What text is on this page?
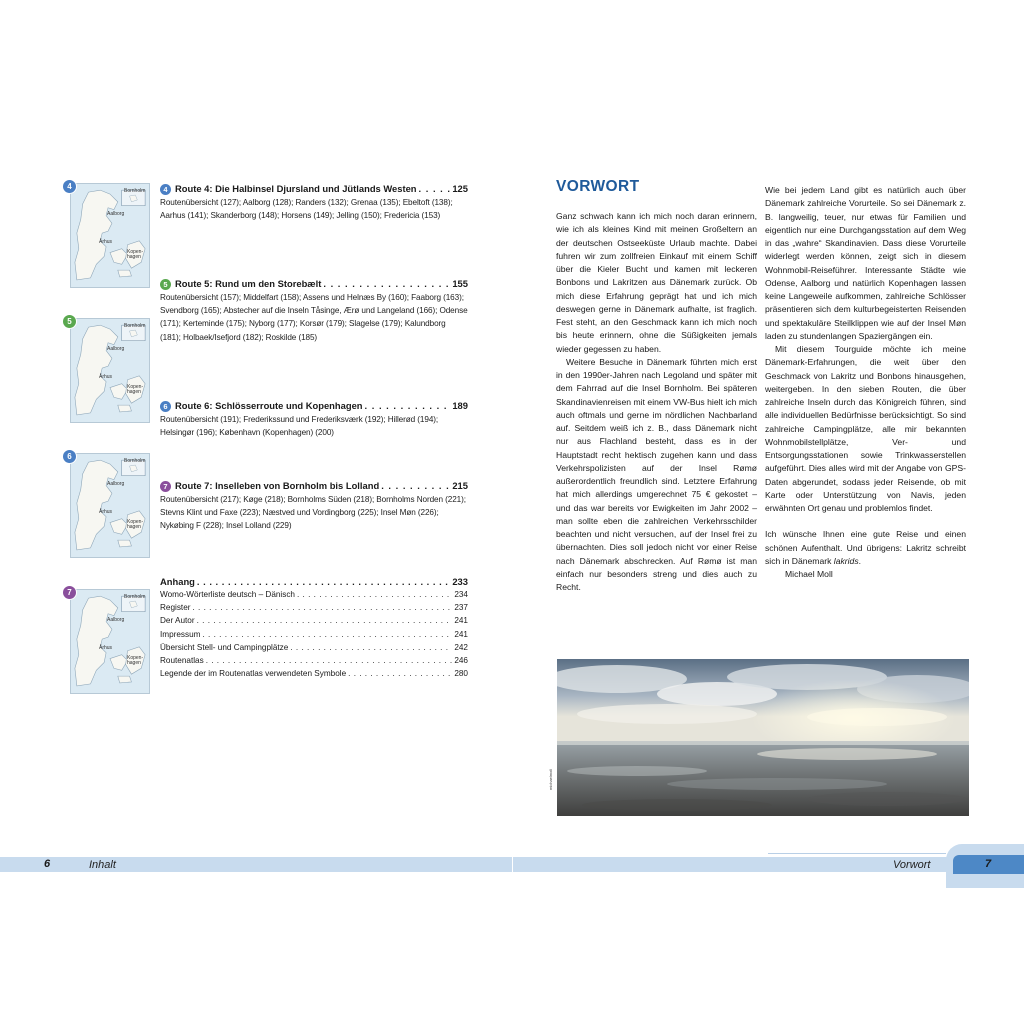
Bornholm
Aalborg
Århus
Kopen-hagen
4
Bornholm
Aalborg
Århus
Kopen-hagen
5
Bornholm
Aalborg
Århus
Kopen-hagen
6
Bornholm
Aalborg
Århus
Kopen-hagen
7
4 Route 4: Die Halbinsel Djursland und Jütlands Westen . . .	125
Routenübersicht (127); Aalborg (128); Randers (132); Grenaa (135); Ebeltoft (138); Aarhus (141); Skanderborg (148); Horsens (149); Jelling (150); Fredericia (153)
5 Route 5: Rund um den Storebælt . . .	155
Routenübersicht (157); Middelfart (158); Assens und Helnæs By (160); Faaborg (163); Svendborg (165); Abstecher auf die Inseln Tåsinge, Ærø und Langeland (166); Odense (171); Kerteminde (175); Nyborg (177); Korsør (179); Slagelse (179); Kalundborg (181); Holbaek/Isefjord (182); Roskilde (185)
6 Route 6: Schlösserroute und Kopenhagen . . .	189
Routenübersicht (191); Frederikssund und Frederiksværk (192); Hillerød (194); Helsingør (196); København (Kopenhagen) (200)
7 Route 7: Inselleben von Bornholm bis Lolland . . .	215
Routenübersicht (217); Køge (218); Bornholms Süden (218); Bornholms Norden (221); Stevns Klint und Faxe (223); Næstved und Vordingborg (225); Insel Møn (226); Nykøbing F (228); Insel Lolland (229)
Anhang . . .	233
Womo-Wörterliste deutsch – Dänisch . . .	234
Register . . .	237
Der Autor . . .	241
Impressum . . .	241
Übersicht Stell- und Campingplätze . . .	242
Routenatlas . . .	246
Legende der im Routenatlas verwendeten Symbole . . .	280
VORWORT

Ganz schwach kann ich mich noch daran erinnern, wie ich als kleines Kind mit meinen Großeltern an der deutschen Ostseeküste Urlaub machte. Dabei fuhren wir zum zollfreien Einkauf mit einem Schiff über die Kieler Bucht und kamen mit leckeren Bonbons und Lakritzen aus Dänemark zurück. Ob mich diese Erfahrung geprägt hat und ich mich deswegen gerne in Dänemark aufhalte, ist fraglich. Fest steht, an den Geschmack kann ich mich noch bis heute erinnern, ohne die Süßigkeiten jemals wieder gegessen zu haben.

Weitere Besuche in Dänemark führten mich erst in den 1990er-Jahren nach Legoland und später mit dem Fahrrad auf die Insel Bornholm. Bei späteren Skandinavienreisen mit einem VW-Bus hielt ich mich auch oftmals und gerne im nördlichen Nachbarland auf. Seitdem weiß ich z. B., dass Dänemark nicht nur aus Flachland besteht, dass es in der Hauptstadt recht hektisch zugehen kann und dass Verkehrspolizisten auf der Insel Rømø außerordentlich freundlich sind. Letztere Erfahrung hat mich allerdings umgerechnet 75 € gekostet – und das war bereits vor Ewigkeiten im Jahr 2002 – man sollte eben die zahlreichen Verkehrsschilder beachten und nicht versuchen, auf der Insel frei zu übernachten. Dies soll jedoch nicht vor einer Reise nach Dänemark abschrecken. Auf Rømø ist man einfach nur besonders streng und dies auch zu Recht.

Wie bei jedem Land gibt es natürlich auch über Dänemark zahlreiche Vorurteile. So sei Dänemark z. B. langweilig, teuer, nur etwas für Familien und eigentlich nur eine Durchgangsstation auf dem Weg in das „wahre“ Skandinavien. Dass diese Vorurteile widerlegt werden können, zeigt sich in diesem Wohnmobil-Reiseführer. Interessante Städte wie Odense, Aalborg und natürlich Kopenhagen lassen keine Langeweile aufkommen, zahlreiche Schlösser präsentieren sich dem kulturbegeisterten Reisenden und spektakuläre Steilklippen wie auf der Insel Møn laden zu stundenlangen Spaziergängen ein.

Mit diesem Tourguide möchte ich meine Dänemark-Erfahrungen, die weit über den Geschmack von Lakritz und Bonbons hinausgehen, weitergeben. In den sieben Routen, die über zahlreiche Inseln durch das Königreich führen, sind alle individuellen Bedürfnisse berücksichtigt. So sind zahlreiche Campingplätze, alle mir bekannten Wohnmobilstellplätze, Ver- und Entsorgungsstationen sowie Trinkwasserstellen aufgeführt. Dies alles wird mit der Angabe von GPS-Daten abgerundet, sodass jeder Reisende, ob mit Karte oder Unterstützung von Navis, jeden erwähnten Ort genau und problemlos findet.

Ich wünsche Ihnen eine gute Reise und einen schönen Aufenthalt. Und übrigens: Lakritz schreibt sich in Dänemark lakrids.

Michael Moll

michaelmoll
6	Inhalt	Vorwort	7
